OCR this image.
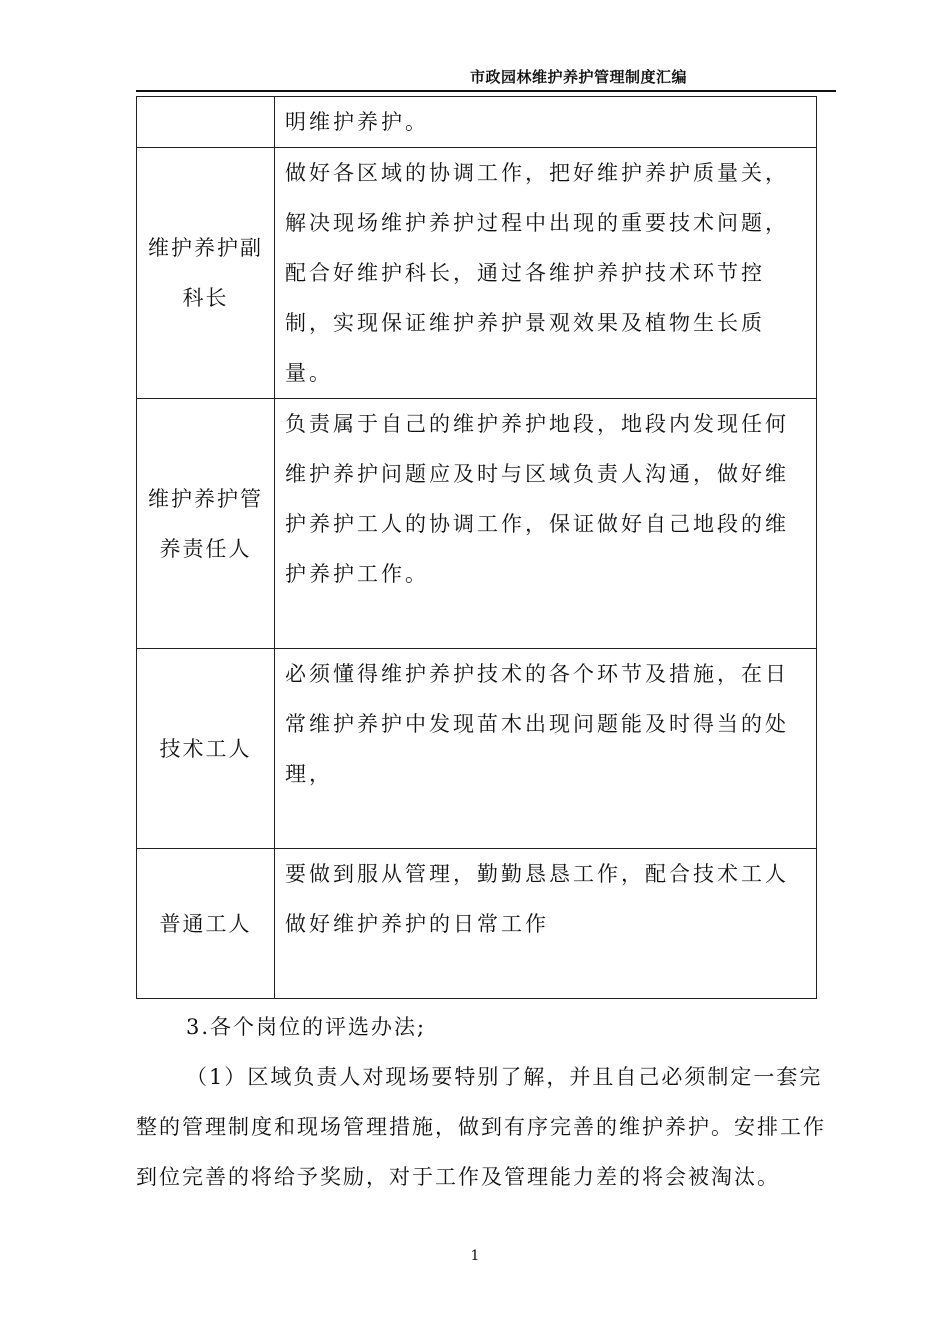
市政园林维护养护管理制度汇编
	明维护养护。

维护养护副科长	做好各区域的协调工作，把好维护养护质量关，解决现场维护养护过程中出现的重要技术问题，配合好维护科长，通过各维护养护技术环节控制，实现保证维护养护景观效果及植物生长质量。

维护养护管养责任人	负责属于自己的维护养护地段，地段内发现任何维护养护问题应及时与区域负责人沟通，做好维护养护工人的协调工作，保证做好自己地段的维护养护工作。
技术工人	必须懂得维护养护技术的各个环节及措施，在日常维护养护中发现苗木出现问题能及时得当的处理，
普通工人	要做到服从管理，勤勤恳恳工作，配合技术工人做好维护养护的日常工作
3.各个岗位的评选办法;
（1）区域负责人对现场要特别了解，并且自己必须制定一套完整的管理制度和现场管理措施，做到有序完善的维护养护。安排工作到位完善的将给予奖励，对于工作及管理能力差的将会被淘汰。
1
